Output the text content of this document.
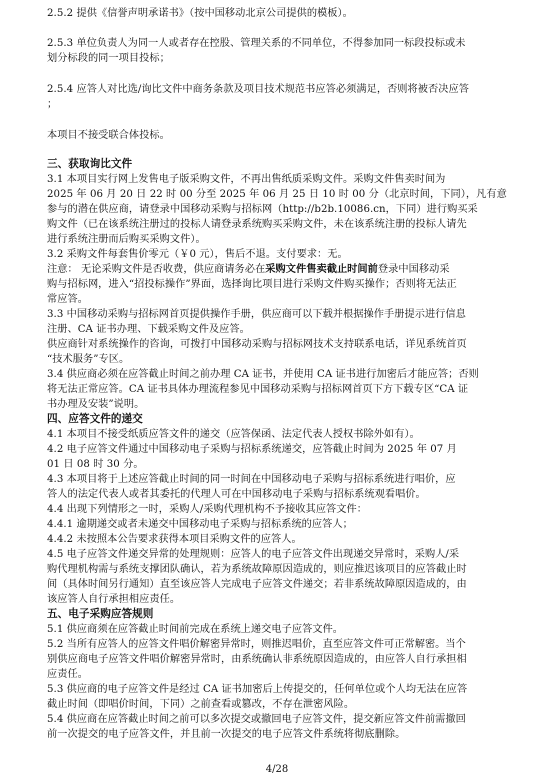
2.5.2 提供《信誉声明承诺书》（按中国移动北京公司提供的模板）。
2.5.3 单位负责人为同一人或者存在控股、管理关系的不同单位，不得参加同一标段投标或未
划分标段的同一项目投标；
2.5.4 应答人对比选/询比文件中商务条款及项目技术规范书应答必须满足，否则将被否决应答
；
本项目不接受联合体投标。
三、获取询比文件
3.1 本项目实行网上发售电子版采购文件，不再出售纸质采购文件。采购文件售卖时间为
2025 年 06 月 20 日 22 时 00 分至 2025 年 06 月 25 日 10 时 00 分（北京时间，下同），凡有意
参与的潜在供应商，请登录中国移动采购与招标网（http://b2b.10086.cn，下同）进行购买采
购文件（已在该系统注册过的投标人请登录系统购买采购文件，未在该系统注册的投标人请先
进行系统注册而后购买采购文件）。
3.2 采购文件每套售价零元（￥0 元），售后不退。支付要求：无。
注意： 无论采购文件是否收费，供应商请务必在采购文件售卖截止时间前登录中国移动采
购与招标网，进入“招投标操作”界面，选择询比项目进行采购文件购买操作；否则将无法正
常应答。
3.3 中国移动采购与招标网首页提供操作手册，供应商可以下载并根据操作手册提示进行信息
注册、CA 证书办理、下载采购文件及应答。
供应商针对系统操作的咨询，可拨打中国移动采购与招标网技术支持联系电话，详见系统首页
“技术服务”专区。
3.4 供应商必须在应答截止时间之前办理 CA 证书，并使用 CA 证书进行加密后才能应答；否则
将无法正常应答。CA 证书具体办理流程参见中国移动采购与招标网首页下方下载专区“CA 证
书办理及安装”说明。
四、应答文件的递交
4.1 本项目不接受纸质应答文件的递交（应答保函、法定代表人授权书除外如有）。
4.2 电子应答文件通过中国移动电子采购与招标系统递交，应答截止时间为 2025 年 07 月
01 日 08 时 30 分。
4.3 本项目将于上述应答截止时间的同一时间在中国移动电子采购与招标系统进行唱价，应
答人的法定代表人或者其委托的代理人可在中国移动电子采购与招标系统观看唱价。
4.4 出现下列情形之一时，采购人/采购代理机构不予接收其应答文件：
4.4.1 逾期递交或者未递交中国移动电子采购与招标系统的应答人；
4.4.2 未按照本公告要求获得本项目采购文件的应答人。
4.5 电子应答文件递交异常的处理规则：应答人的电子应答文件出现递交异常时，采购人/采
购代理机构需与系统支撑团队确认，若为系统故障原因造成的，则应推迟该项目的应答截止时
间（具体时间另行通知）直至该应答人完成电子应答文件递交；若非系统故障原因造成的，由
该应答人自行承担相应责任。
五、电子采购应答规则
5.1 供应商须在应答截止时间前完成在系统上递交电子应答文件。
5.2 当所有应答人的应答文件唱价解密异常时，则推迟唱价，直至应答文件可正常解密。当个
别供应商电子应答文件唱价解密异常时，由系统确认非系统原因造成的，由应答人自行承担相
应责任。
5.3 供应商的电子应答文件是经过 CA 证书加密后上传提交的，任何单位或个人均无法在应答
截止时间（即唱价时间，下同）之前查看或篡改，不存在泄密风险。
5.4 供应商在应答截止时间之前可以多次提交或撤回电子应答文件，提交新应答文件前需撤回
前一次提交的电子应答文件，并且前一次提交的电子应答文件系统将彻底删除。
4/28
